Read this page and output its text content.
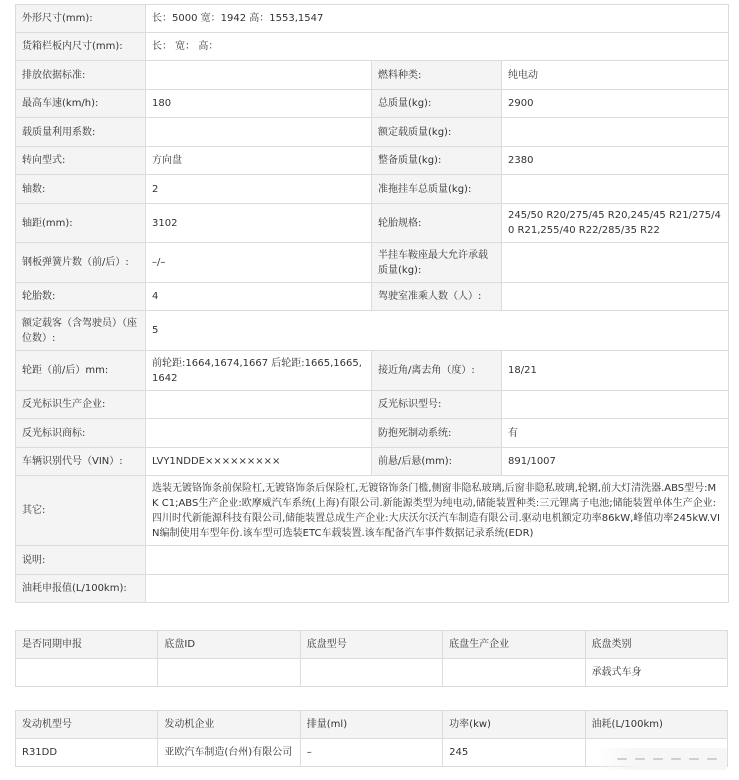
外形尺寸(mm):	长：5000 宽：1942 高：1553,1547		
货箱栏板内尺寸(mm):	长： 宽： 高：		
排放依据标准:		燃料种类:	纯电动
最高车速(km/h):	180	总质量(kg):	2900
载质量利用系数:		额定载质量(kg):	
转向型式:	方向盘	整备质量(kg):	2380
轴数:	2	准拖挂车总质量(kg):	
轴距(mm):	3102	轮胎规格:	245/50 R20/275/45 R20,245/45 R21/275/40 R21,255/40 R22/285/35 R22
钢板弹簧片数（前/后）:	–/–	半挂车鞍座最大允许承载质量(kg):	
轮胎数:	4	驾驶室准乘人数（人）:	
额定载客（含驾驶员）（座位数）:	5		
轮距（前/后）mm:	前轮距:1664,1674,1667 后轮距:1665,1665,1642	接近角/离去角（度）:	18/21
反光标识生产企业:		反光标识型号:	
反光标识商标:		防抱死制动系统:	有
车辆识别代号（VIN）:	LVY1NDDE×××××××××	前悬/后悬(mm):	891/1007
其它:	选装无镀铬饰条前保险杠,无镀铬饰条后保险杠,无镀铬饰条门槛,侧窗非隐私玻璃,后窗非隐私玻璃,轮辋,前大灯清洗器.ABS型号:MK C1;ABS生产企业:欧摩威汽车系统(上海)有限公司.新能源类型为纯电动,储能装置种类:三元锂离子电池;储能装置单体生产企业:四川时代新能源科技有限公司,储能装置总成生产企业:大庆沃尔沃汽车制造有限公司.驱动电机额定功率86kW,峰值功率245kW.VIN编制使用车型年份.该车型可选装ETC车载装置.该车配备汽车事件数据记录系统(EDR)		
说明:			
油耗申报值(L/100km):			
是否同期申报	底盘ID	底盘型号	底盘生产企业	底盘类别
				承载式车身
发动机型号	发动机企业	排量(ml)	功率(kw)	油耗(L/100km)
R31DD	亚欧汽车制造(台州)有限公司	–	245	
